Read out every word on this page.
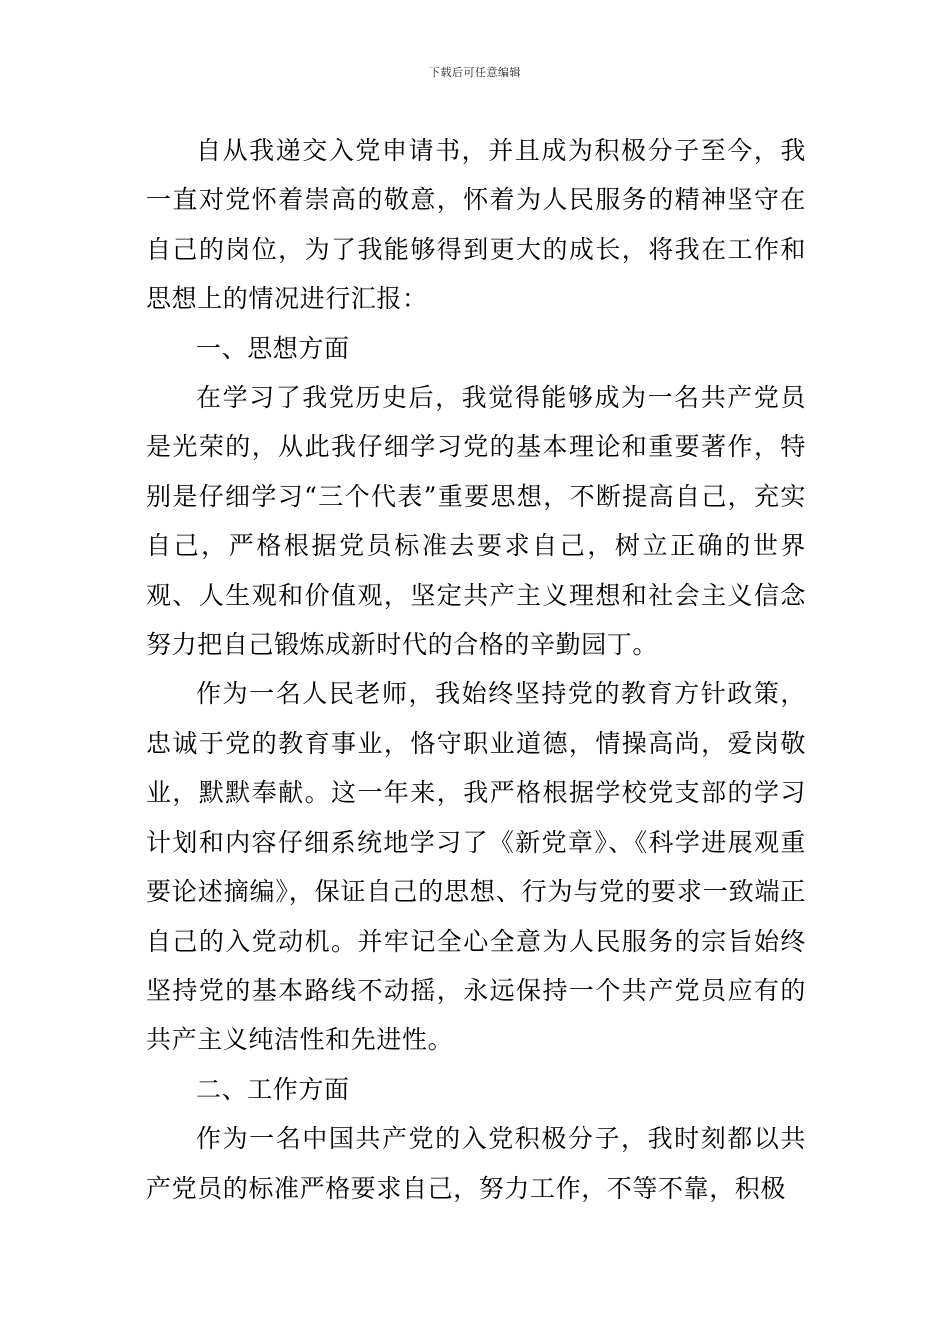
下载后可任意编辑

自从我递交入党申请书，并且成为积极分子至今，我一直对党怀着崇高的敬意，怀着为人民服务的精神坚守在自己的岗位，为了我能够得到更大的成长，将我在工作和思想上的情况进行汇报：

一、思想方面

在学习了我党历史后，我觉得能够成为一名共产党员是光荣的，从此我仔细学习党的基本理论和重要著作，特别是仔细学习“三个代表”重要思想，不断提高自己，充实自己，严格根据党员标准去要求自己，树立正确的世界观、人生观和价值观，坚定共产主义理想和社会主义信念努力把自己锻炼成新时代的合格的辛勤园丁。

作为一名人民老师，我始终坚持党的教育方针政策，忠诚于党的教育事业，恪守职业道德，情操高尚，爱岗敬业，默默奉献。这一年来，我严格根据学校党支部的学习计划和内容仔细系统地学习了《新党章》、《科学进展观重要论述摘编》，保证自己的思想、行为与党的要求一致端正自己的入党动机。并牢记全心全意为人民服务的宗旨始终坚持党的基本路线不动摇，永远保持一个共产党员应有的共产主义纯洁性和先进性。

二、工作方面

作为一名中国共产党的入党积极分子，我时刻都以共产党员的标准严格要求自己，努力工作，不等不靠，积极
